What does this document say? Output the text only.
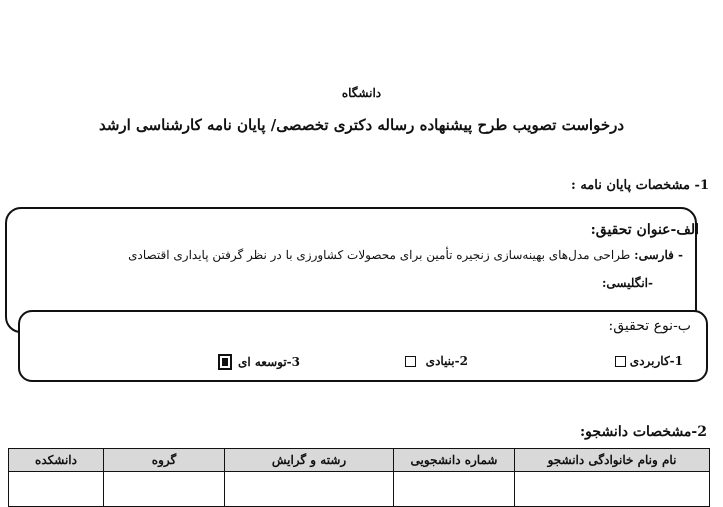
دانشگاه
درخواست تصویب طرح پیشنهاده رساله دکتری تخصصی/ پایان نامه کارشناسی ارشد
1- مشخصات پایان نامه :
الف-عنوان تحقیق:
- فارسی: طراحی مدل‌های بهینه‌سازی زنجیره تأمین برای محصولات کشاورزی با در نظر گرفتن پایداری اقتصادی
-انگلیسی:
ب-نوع تحقیق:
1-کاربردی
2-بنیادی
3-توسعه ای
2-مشخصات دانشجو:
نام ونام خانوادگی دانشجو	شماره دانشجویی	رشته و گرایش	گروه	دانشکده
